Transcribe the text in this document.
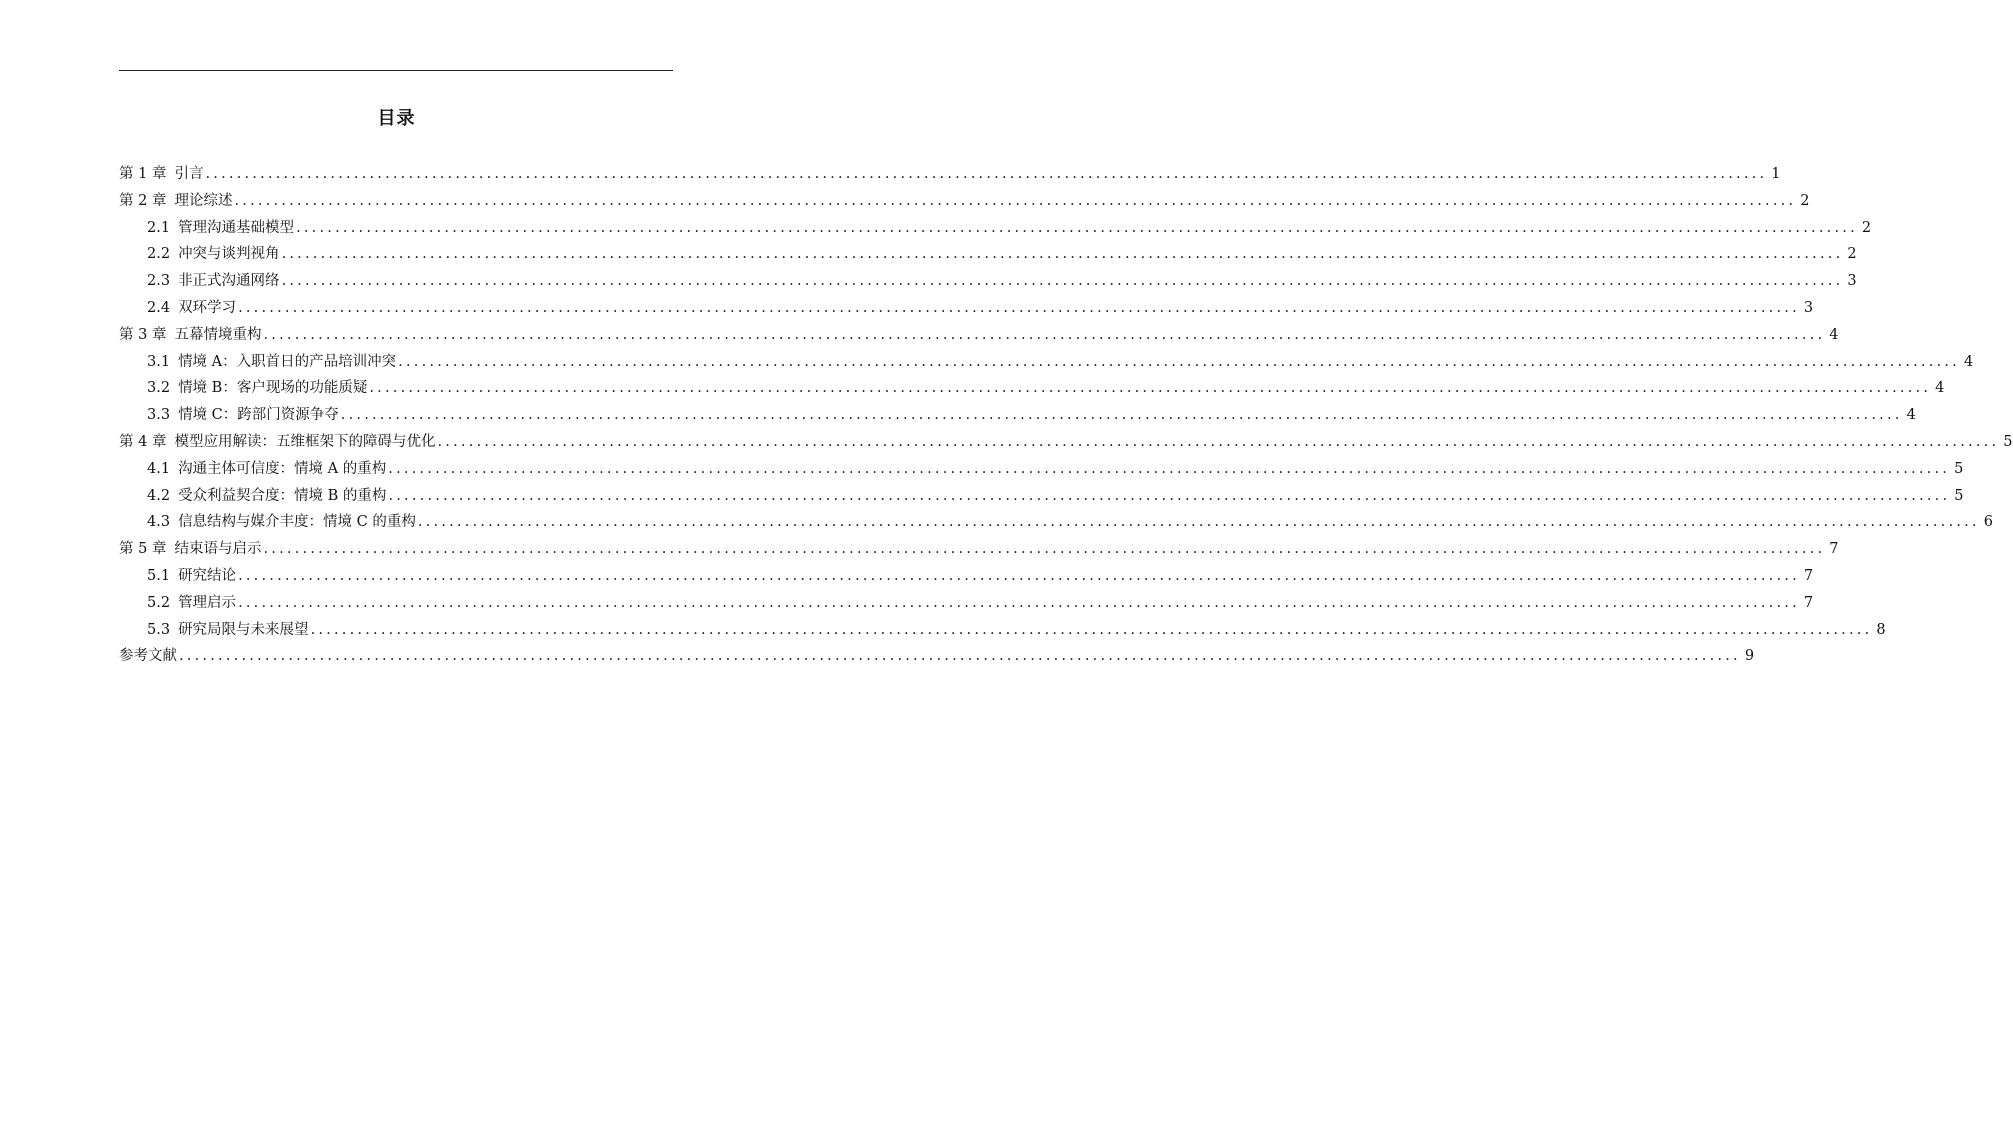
目录
第 1 章 引言 ........................................................................................................................................................................................................ 1
第 2 章 理论综述 ........................................................................................................................................................................................................ 2
2.1 管理沟通基础模型 ........................................................................................................................................................................................................ 2
2.2 冲突与谈判视角 ........................................................................................................................................................................................................ 2
2.3 非正式沟通网络 ........................................................................................................................................................................................................ 3
2.4 双环学习 ........................................................................................................................................................................................................ 3
第 3 章 五幕情境重构 ........................................................................................................................................................................................................ 4
3.1 情境 A：入职首日的产品培训冲突 ........................................................................................................................................................................................................ 4
3.2 情境 B：客户现场的功能质疑 ........................................................................................................................................................................................................ 4
3.3 情境 C：跨部门资源争夺 ........................................................................................................................................................................................................ 4
第 4 章 模型应用解读：五维框架下的障碍与优化 ........................................................................................................................................................................................................ 5
4.1 沟通主体可信度：情境 A 的重构 ........................................................................................................................................................................................................ 5
4.2 受众利益契合度：情境 B 的重构 ........................................................................................................................................................................................................ 5
4.3 信息结构与媒介丰度：情境 C 的重构 ........................................................................................................................................................................................................ 6
第 5 章 结束语与启示 ........................................................................................................................................................................................................ 7
5.1 研究结论 ........................................................................................................................................................................................................ 7
5.2 管理启示 ........................................................................................................................................................................................................ 7
5.3 研究局限与未来展望 ........................................................................................................................................................................................................ 8
参考文献 ........................................................................................................................................................................................................ 9
